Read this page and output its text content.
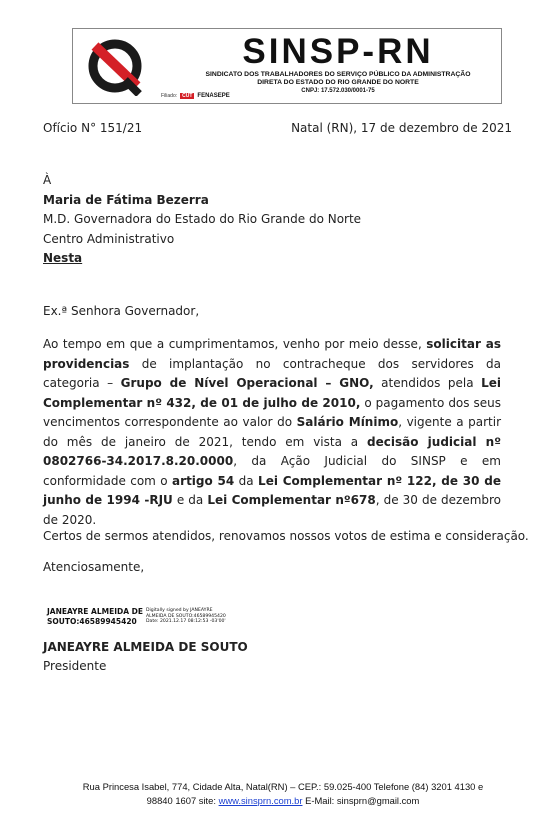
Filiado:	CUT FENASEPE
SINSP-RN
SINDICATO DOS TRABALHADORES DO SERVIÇO PÚBLICO DA ADMINISTRAÇÃO
DIRETA DO ESTADO DO RIO GRANDE DO NORTE
CNPJ: 17.572.030/0001-75
Ofício N° 151/21	Natal (RN), 17 de dezembro de 2021
À
Maria de Fátima Bezerra
M.D. Governadora do Estado do Rio Grande do Norte
Centro Administrativo
Nesta
Ex.ª Senhora Governador,
Ao tempo em que a cumprimentamos, venho por meio desse, solicitar as providencias de implantação no contracheque dos servidores da categoria – Grupo de Nível Operacional – GNO, atendidos pela Lei Complementar nº 432, de 01 de julho de 2010, o pagamento dos seus vencimentos correspondente ao valor do Salário Mínimo, vigente a partir do mês de janeiro de 2021, tendo em vista a decisão judicial nº 0802766-34.2017.8.20.0000, da Ação Judicial do SINSP e em conformidade com o artigo 54 da Lei Complementar nº 122, de 30 de junho de 1994 -RJU e da Lei Complementar nº678, de 30 de dezembro de 2020.
Certos de sermos atendidos, renovamos nossos votos de estima e consideração.
Atenciosamente,
JANEAYRE ALMEIDA DE
SOUTO:46589945420
Digitally signed by JANEAYRE
ALMEIDA DE SOUTO:46589945420
Date: 2021.12.17 08:12:53 -03'00'
JANEAYRE ALMEIDA DE SOUTO
Presidente
Rua Princesa Isabel, 774, Cidade Alta, Natal(RN) – CEP.: 59.025-400 Telefone (84) 3201 4130 e
98840 1607 site: www.sinsprn.com.br E-Mail: sinsprn@gmail.com
